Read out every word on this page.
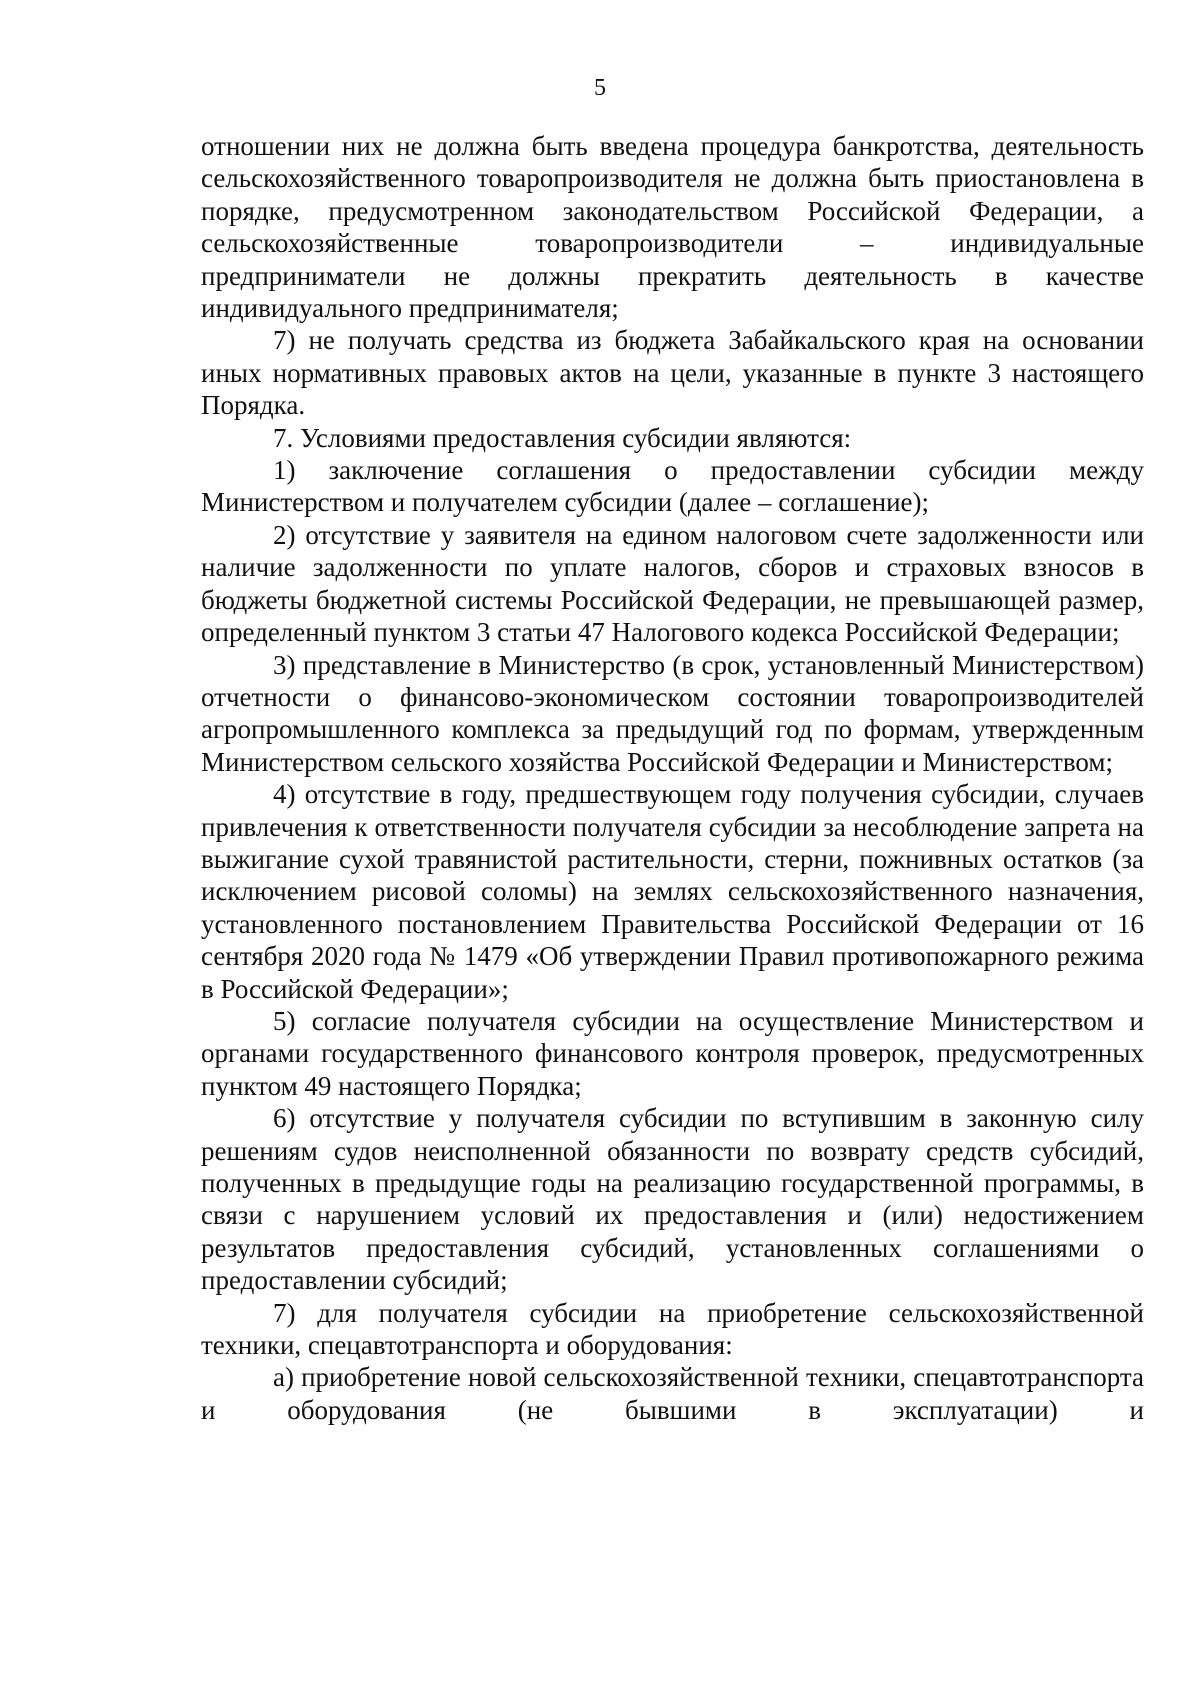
5

отношении них не должна быть введена процедура банкротства, деятельность сельскохозяйственного товаропроизводителя не должна быть приостановлена в порядке, предусмотренном законодательством Российской Федерации, а сельскохозяйственные товаропроизводители – индивидуальные предприниматели не должны прекратить деятельность в качестве индивидуального предпринимателя;

7) не получать средства из бюджета Забайкальского края на основании иных нормативных правовых актов на цели, указанные в пункте 3 настоящего Порядка.

7. Условиями предоставления субсидии являются:

1) заключение соглашения о предоставлении субсидии между Министерством и получателем субсидии (далее – соглашение);

2) отсутствие у заявителя на едином налоговом счете задолженности или наличие задолженности по уплате налогов, сборов и страховых взносов в бюджеты бюджетной системы Российской Федерации, не превышающей размер, определенный пунктом 3 статьи 47 Налогового кодекса Российской Федерации;

3) представление в Министерство (в срок, установленный Министерством) отчетности о финансово-экономическом состоянии товаропроизводителей агропромышленного комплекса за предыдущий год по формам, утвержденным Министерством сельского хозяйства Российской Федерации и Министерством;

4) отсутствие в году, предшествующем году получения субсидии, случаев привлечения к ответственности получателя субсидии за несоблюдение запрета на выжигание сухой травянистой растительности, стерни, пожнивных остатков (за исключением рисовой соломы) на землях сельскохозяйственного назначения, установленного постановлением Правительства Российской Федерации от 16 сентября 2020 года № 1479 «Об утверждении Правил противопожарного режима в Российской Федерации»;

5) согласие получателя субсидии на осуществление Министерством и органами государственного финансового контроля проверок, предусмотренных пунктом 49 настоящего Порядка;

6) отсутствие у получателя субсидии по вступившим в законную силу решениям судов неисполненной обязанности по возврату средств субсидий, полученных в предыдущие годы на реализацию государственной программы, в связи с нарушением условий их предоставления и (или) недостижением результатов предоставления субсидий, установленных соглашениями о предоставлении субсидий;

7) для получателя субсидии на приобретение сельскохозяйственной техники, спецавтотранспорта и оборудования:

а) приобретение новой сельскохозяйственной техники, спецавтотранспорта и оборудования (не бывшими в эксплуатации) и
